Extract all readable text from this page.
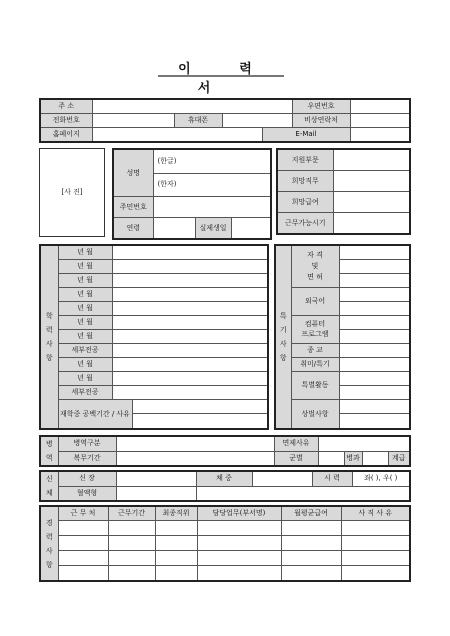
이 력 서
주 소					우편번호	
전화번호		휴대폰			비상연락처	
홈페이지				E-Mail		
[사 진]
성명	(한글)		
	(한자)		
주민번호			
연령		실제생일	
지원부문	
희망직무	
희망급여	
근무가능시기	
학 력 사 항	년 월		
	년 월		
	년 월		
	년 월		
	년 월		
	년 월		
	년 월		
	세부전공		
	년 월		
	년 월		
	세부전공		
	재학중 공백기간 / 사유		

특 기 사 항	자 격
및
면 허	

	외국어	

	컴퓨터
프로그램	

	종 교	
	취미/특기	
	특별활동	

	상벌사항	

병 역	병역구분		면제사유				
	복무기간		군별		병과		계급
신 체	신 장		체 중		시 력	좌( ), 우( )
	혈액형					
경 력 사 항	근 무 처	근무기간	최종직위	담당업무(부서명)	월평균급여	사 직 사 유
